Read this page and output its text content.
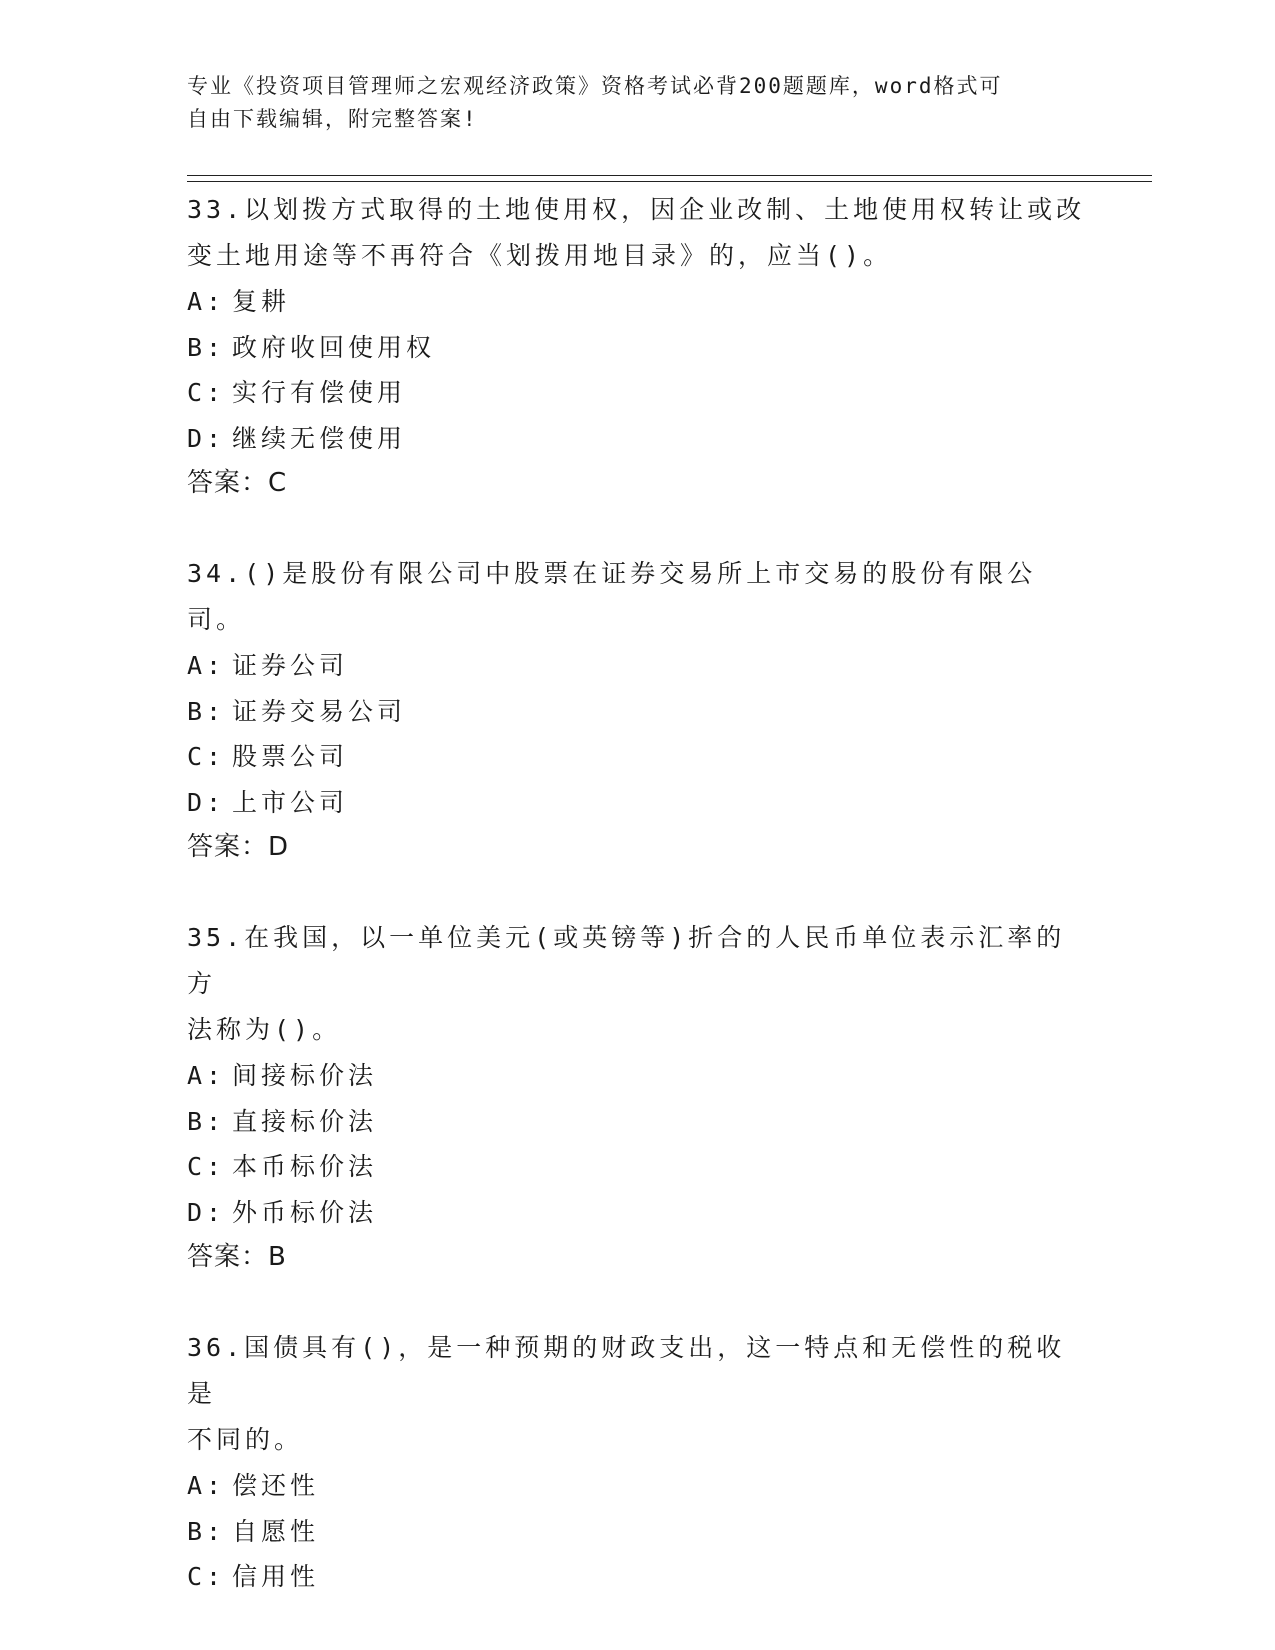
专业《投资项目管理师之宏观经济政策》资格考试必背200题题库，word格式可
自由下载编辑，附完整答案!

33.以划拨方式取得的土地使用权，因企业改制、土地使用权转让或改

变土地用途等不再符合《划拨用地目录》的，应当()。

A: 复耕

B: 政府收回使用权

C: 实行有偿使用

D: 继续无偿使用

答案：C

34.()是股份有限公司中股票在证券交易所上市交易的股份有限公司。

A: 证券公司

B: 证券交易公司

C: 股票公司

D: 上市公司

答案：D

35.在我国，以一单位美元(或英镑等)折合的人民币单位表示汇率的方

法称为()。

A: 间接标价法

B: 直接标价法

C: 本币标价法

D: 外币标价法

答案：B

36.国债具有()，是一种预期的财政支出，这一特点和无偿性的税收是

不同的。

A: 偿还性

B: 自愿性

C: 信用性
